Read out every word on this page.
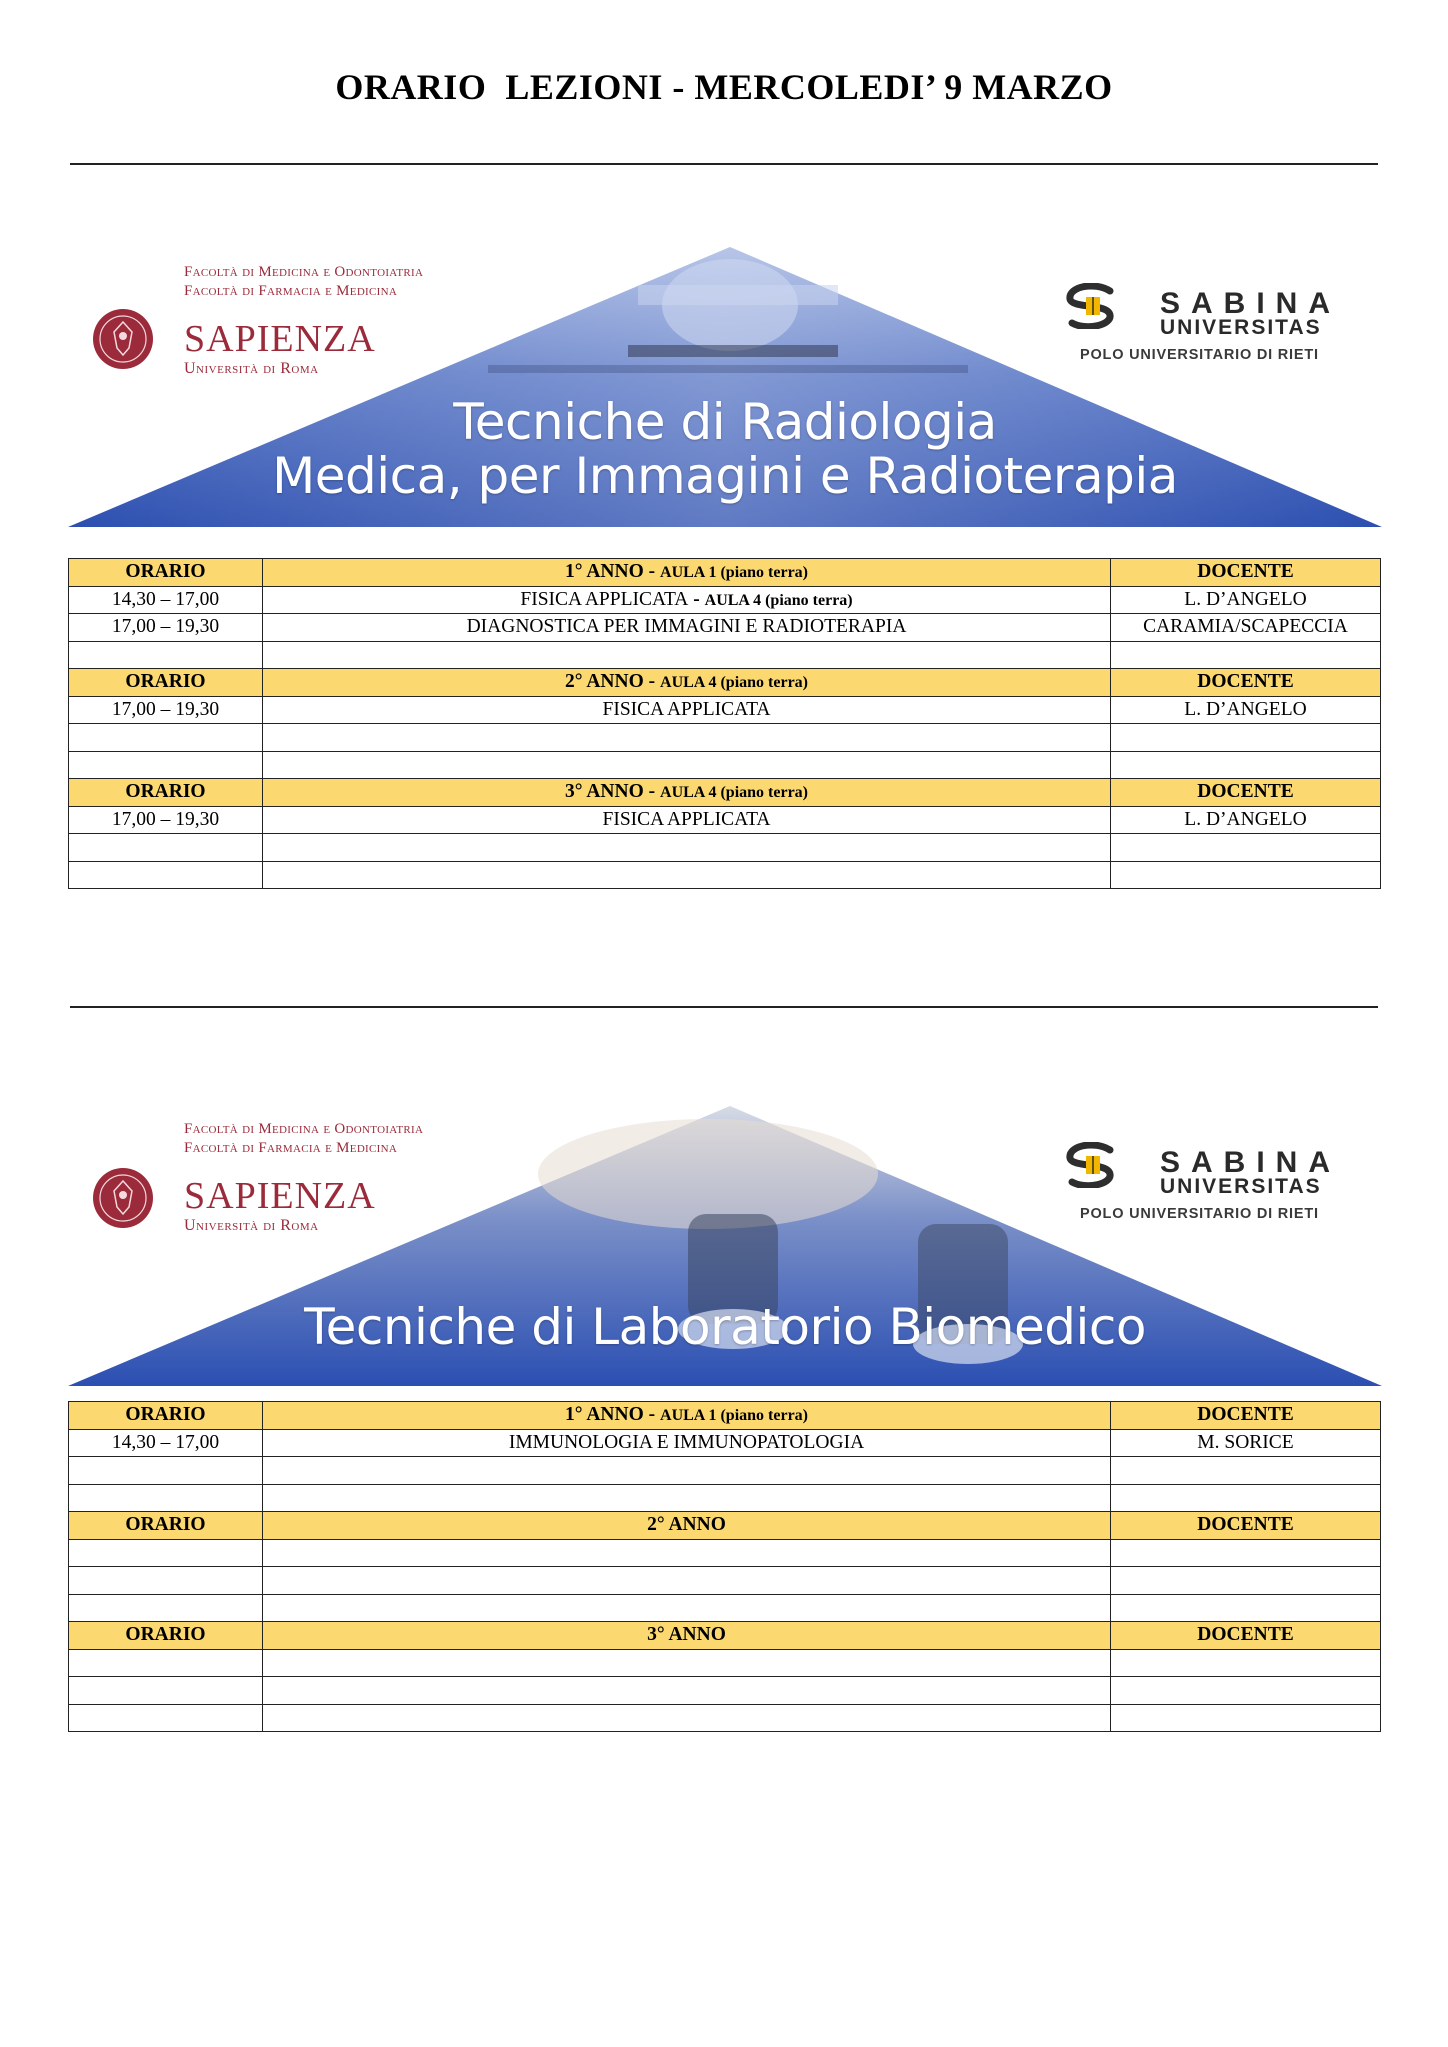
ORARIO  LEZIONI - MERCOLEDI’ 9 MARZO
Facoltà di Medicina e Odontoiatria
Facoltà di Farmacia e Medicina
SAPIENZA
Università di Roma
SABINA
UNIVERSITAS
POLO UNIVERSITARIO DI RIETI
Tecniche di Radiologia
Medica, per Immagini e Radioterapia
ORARIO	1° ANNO - AULA 1 (piano terra)	DOCENTE
14,30 – 17,00	FISICA APPLICATA - AULA 4 (piano terra)	L. D’ANGELO
17,00 – 19,30	DIAGNOSTICA PER IMMAGINI E RADIOTERAPIA	CARAMIA/SCAPECCIA

ORARIO	2° ANNO - AULA 4 (piano terra)	DOCENTE
17,00 – 19,30	FISICA APPLICATA	L. D’ANGELO

ORARIO	3° ANNO - AULA 4 (piano terra)	DOCENTE
17,00 – 19,30	FISICA APPLICATA	L. D’ANGELO

Facoltà di Medicina e Odontoiatria
Facoltà di Farmacia e Medicina
SAPIENZA
Università di Roma
SABINA
UNIVERSITAS
POLO UNIVERSITARIO DI RIETI
Tecniche di Laboratorio Biomedico
ORARIO	1° ANNO - AULA 1 (piano terra)	DOCENTE
14,30 – 17,00	IMMUNOLOGIA E IMMUNOPATOLOGIA	M. SORICE

ORARIO	2° ANNO	DOCENTE

ORARIO	3° ANNO	DOCENTE
